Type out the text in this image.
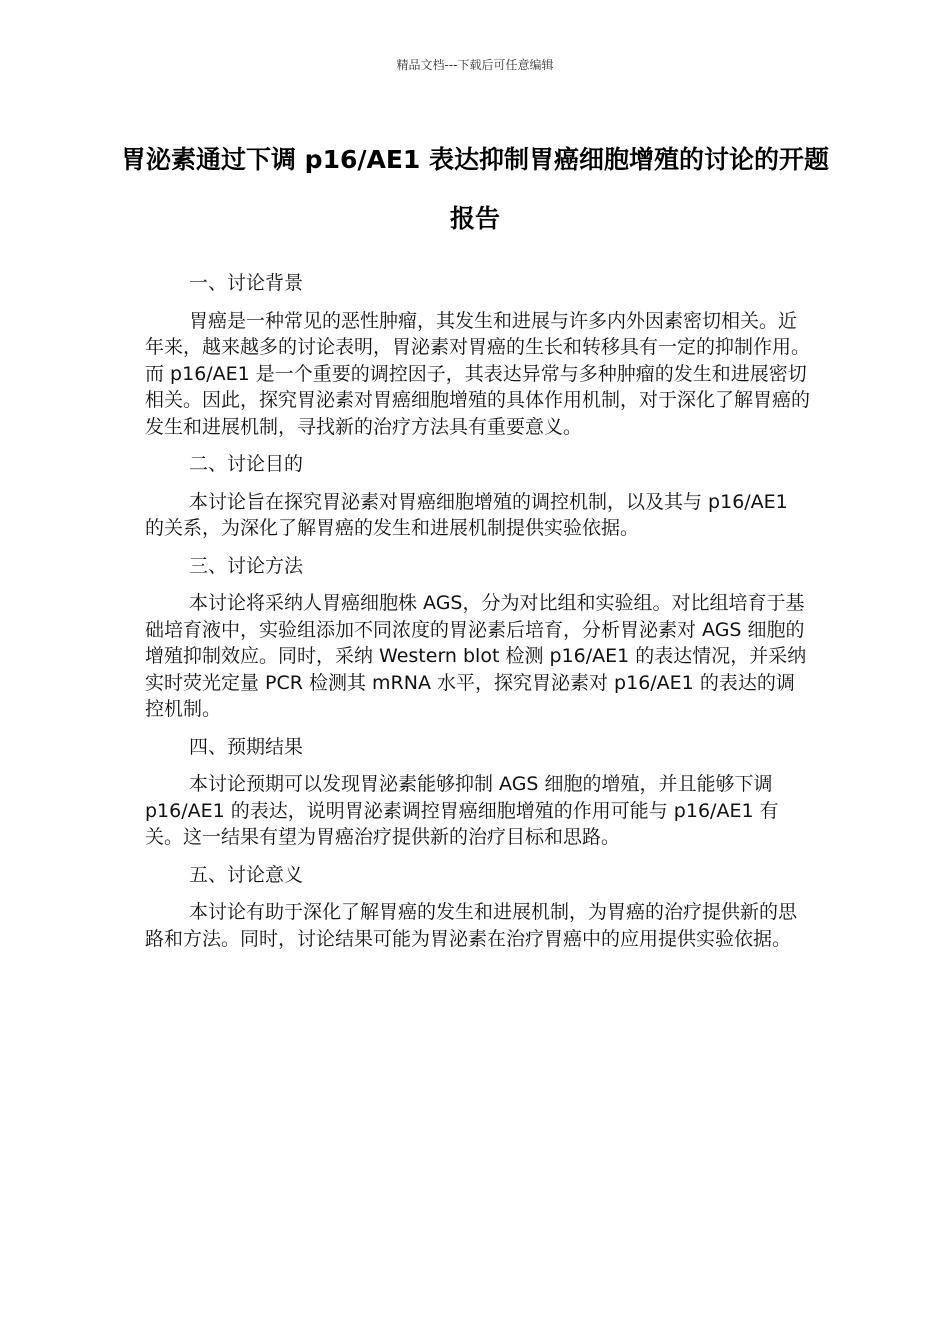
精品文档---下载后可任意编辑
胃泌素通过下调 p16/AE1 表达抑制胃癌细胞增殖的讨论的开题报告
一、讨论背景
胃癌是一种常见的恶性肿瘤，其发生和进展与许多内外因素密切相关。近年来，越来越多的讨论表明，胃泌素对胃癌的生长和转移具有一定的抑制作用。而 p16/AE1 是一个重要的调控因子，其表达异常与多种肿瘤的发生和进展密切相关。因此，探究胃泌素对胃癌细胞增殖的具体作用机制，对于深化了解胃癌的发生和进展机制，寻找新的治疗方法具有重要意义。
二、讨论目的
本讨论旨在探究胃泌素对胃癌细胞增殖的调控机制，以及其与 p16/AE1 的关系，为深化了解胃癌的发生和进展机制提供实验依据。
三、讨论方法
本讨论将采纳人胃癌细胞株 AGS，分为对比组和实验组。对比组培育于基础培育液中，实验组添加不同浓度的胃泌素后培育，分析胃泌素对 AGS 细胞的增殖抑制效应。同时，采纳 Western blot 检测 p16/AE1 的表达情况，并采纳实时荧光定量 PCR 检测其 mRNA 水平，探究胃泌素对 p16/AE1 的表达的调控机制。
四、预期结果
本讨论预期可以发现胃泌素能够抑制 AGS 细胞的增殖，并且能够下调 p16/AE1 的表达，说明胃泌素调控胃癌细胞增殖的作用可能与 p16/AE1 有关。这一结果有望为胃癌治疗提供新的治疗目标和思路。
五、讨论意义
本讨论有助于深化了解胃癌的发生和进展机制，为胃癌的治疗提供新的思路和方法。同时，讨论结果可能为胃泌素在治疗胃癌中的应用提供实验依据。
